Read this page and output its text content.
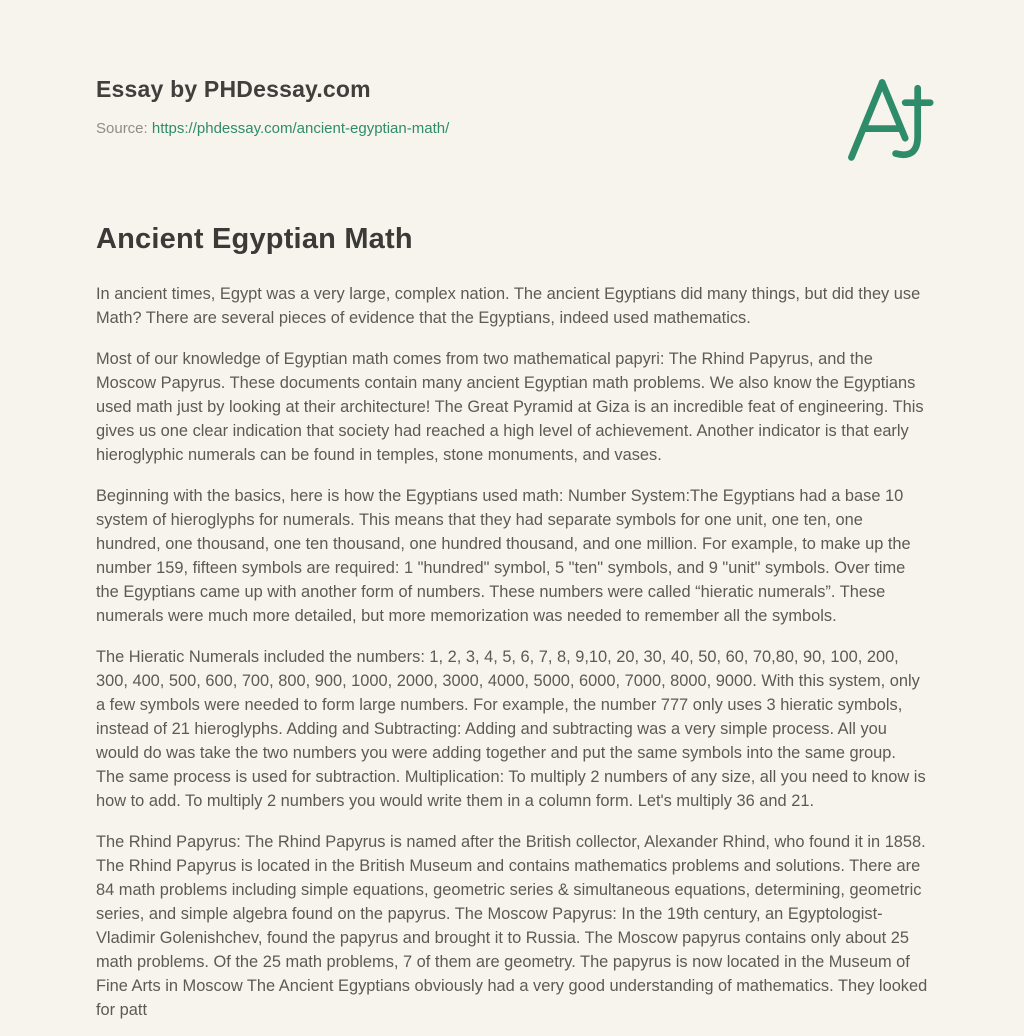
Essay by PHDessay.com
Source: https://phdessay.com/ancient-egyptian-math/
Ancient Egyptian Math

In ancient times, Egypt was a very large, complex nation. The ancient Egyptians did many things, but did they use Math? There are several pieces of evidence that the Egyptians, indeed used mathematics.

Most of our knowledge of Egyptian math comes from two mathematical papyri: The Rhind Papyrus, and the Moscow Papyrus. These documents contain many ancient Egyptian math problems. We also know the Egyptians used math just by looking at their architecture! The Great Pyramid at Giza is an incredible feat of engineering. This gives us one clear indication that society had reached a high level of achievement. Another indicator is that early hieroglyphic numerals can be found in temples, stone monuments, and vases.

Beginning with the basics, here is how the Egyptians used math: Number System:The Egyptians had a base 10 system of hieroglyphs for numerals. This means that they had separate symbols for one unit, one ten, one hundred, one thousand, one ten thousand, one hundred thousand, and one million. For example, to make up the number 159, fifteen symbols are required: 1 "hundred" symbol, 5 "ten" symbols, and 9 "unit" symbols. Over time the Egyptians came up with another form of numbers. These numbers were called “hieratic numerals”. These numerals were much more detailed, but more memorization was needed to remember all the symbols.

The Hieratic Numerals included the numbers: 1, 2, 3, 4, 5, 6, 7, 8, 9,10, 20, 30, 40, 50, 60, 70,80, 90, 100, 200, 300, 400, 500, 600, 700, 800, 900, 1000, 2000, 3000, 4000, 5000, 6000, 7000, 8000, 9000. With this system, only a few symbols were needed to form large numbers. For example, the number 777 only uses 3 hieratic symbols, instead of 21 hieroglyphs. Adding and Subtracting: Adding and subtracting was a very simple process. All you would do was take the two numbers you were adding together and put the same symbols into the same group. The same process is used for subtraction. Multiplication: To multiply 2 numbers of any size, all you need to know is how to add. To multiply 2 numbers you would write them in a column form. Let's multiply 36 and 21.

The Rhind Papyrus: The Rhind Papyrus is named after the British collector, Alexander Rhind, who found it in 1858. The Rhind Papyrus is located in the British Museum and contains mathematics problems and solutions. There are 84 math problems including simple equations, geometric series & simultaneous equations, determining, geometric series, and simple algebra found on the papyrus. The Moscow Papyrus: In the 19th century, an Egyptologist- Vladimir Golenishchev, found the papyrus and brought it to Russia. The Moscow papyrus contains only about 25 math problems. Of the 25 math problems, 7 of them are geometry. The papyrus is now located in the Museum of Fine Arts in Moscow The Ancient Egyptians obviously had a very good understanding of mathematics. They looked for patt
